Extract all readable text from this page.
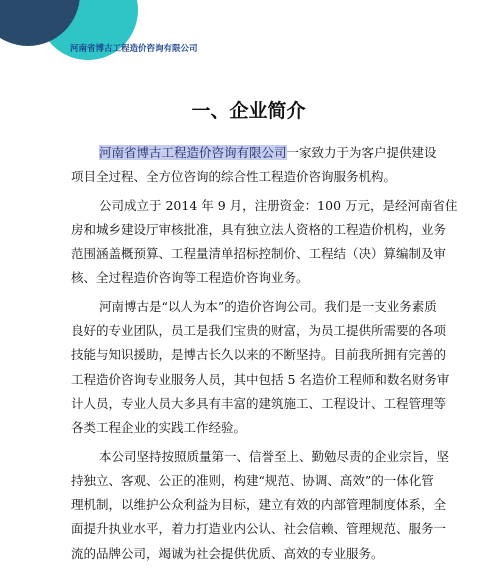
河南省博古工程造价咨询有限公司
一、企业简介
河南省博古工程造价咨询有限公司一家致力于为客户提供建设
项目全过程、全方位咨询的综合性工程造价咨询服务机构。
公司成立于 2014 年 9 月，注册资金：100 万元，是经河南省住
房和城乡建设厅审核批准，具有独立法人资格的工程造价机构，业务
范围涵盖概预算、工程量清单招标控制价、工程结（决）算编制及审
核、全过程造价咨询等工程造价咨询业务。
河南博古是“以人为本”的造价咨询公司。我们是一支业务素质
良好的专业团队，员工是我们宝贵的财富，为员工提供所需要的各项
技能与知识援助，是博古长久以来的不断坚持。目前我所拥有完善的
工程造价咨询专业服务人员，其中包括 5 名造价工程师和数名财务审
计人员，专业人员大多具有丰富的建筑施工、工程设计、工程管理等
各类工程企业的实践工作经验。
本公司坚持按照质量第一、信誉至上、勤勉尽责的企业宗旨，坚
持独立、客观、公正的准则，构建“规范、协调、高效”的一体化管
理机制，以维护公众利益为目标，建立有效的内部管理制度体系，全
面提升执业水平，着力打造业内公认、社会信赖、管理规范、服务一
流的品牌公司，竭诚为社会提供优质、高效的专业服务。
